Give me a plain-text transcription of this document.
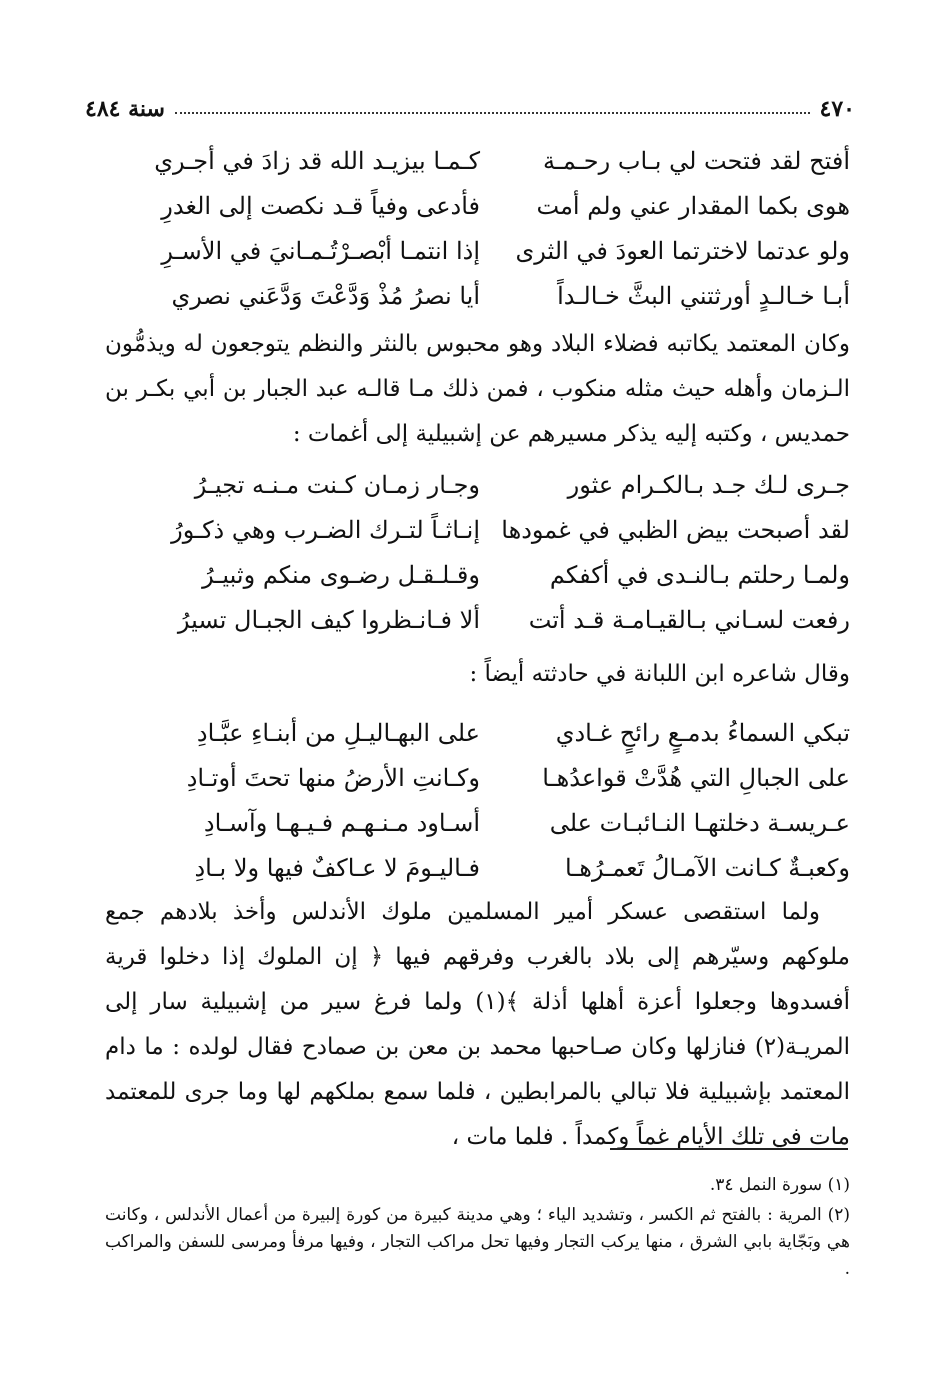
٤٧٠
سنة ٤٨٤
أفتح لقد فتحت لي بـاب رحـمـة
كـمـا بيزيـد الله قد زادَ في أجـري
هوى بكما المقدار عني ولم أمت
فأدعى وفياً قـد نكصت إلى الغدرِ
ولو عدتما لاخترتما العودَ في الثرى
إذا انتمـا أبْصـرْتُـمـانيَ في الأسـرِ
أبـا خـالـدٍ أورثتني البثَّ خـالـداً
أيا نصرُ مُذْ وَدَّعْتَ وَدَّعَني نصري

وكان المعتمد يكاتبه فضلاء البلاد وهو محبوس بالنثر والنظم يتوجعون له ويذمُّون الـزمان وأهله حيث مثله منكوب ، فمن ذلك مـا قالـه عبد الجبار بن أبي بكـر بن حمديس ، وكتبه إليه يذكر مسيرهم عن إشبيلية إلى أغمات :

جـرى لـك جـد بـالكـرام عثور
وجـار زمـان كـنت مـنـه تجيـرُ
لقد أصبحت بيض الظبي في غمودها
إنـاثـاً لتـرك الضـرب وهي ذكـورُ
ولمـا رحلتم بـالنـدى في أكفكم
وقـلـقـل رضـوى منكم وثبيـرُ
رفعت لسـاني بـالقيـامـة قـد أتت
ألا فـانـظروا كيف الجبـال تسيرُ

وقال شاعره ابن اللبانة في حادثته أيضاً :

تبكي السماءُ بدمـعٍ رائحٍ غـادي
على البهـاليـلِ من أبنـاءِ عبَّـادِ
على الجبالِ التي هُدَّتْ قواعدُهـا
وكـانتِ الأرضُ منها تحتَ أوتـادِ
عـريسـة دخلتهـا النـائبـات على
أسـاود مـنـهـم فـيـهـا وآسـادِ
وكعبـةٌ كـانت الآمـالُ تَعمـرُهـا
فـاليـومَ لا عـاكفٌ فيها ولا بـادِ

ولما استقصى عسكر أمير المسلمين ملوك الأندلس وأخذ بلادهم جمع ملوكهم وسيّرهم إلى بلاد بالغرب وفرقهم فيها ﴿ إن الملوك إذا دخلوا قرية أفسدوها وجعلوا أعزة أهلها أذلة ﴾(١) ولما فرغ سير من إشبيلية سار إلى المريـة(٢) فنازلها وكان صـاحبها محمد بن معن بن صمادح فقال لولده : ما دام المعتمد بإشبيلية فلا تبالي بالمرابطين ، فلما سمع بملكهم لها وما جرى للمعتمد مات في تلك الأيام غماً وكمداً . فلما مات ،

(١) سورة النمل ٣٤.

(٢) المرية : بالفتح ثم الكسر ، وتشديد الياء ؛ وهي مدينة كبيرة من كورة إلبيرة من أعمال الأندلس ، وكانت هي وبَجّاية بابي الشرق ، منها يركب التجار وفيها تحل مراكب التجار ، وفيها مرفأ ومرسى للسفن والمراكب .
